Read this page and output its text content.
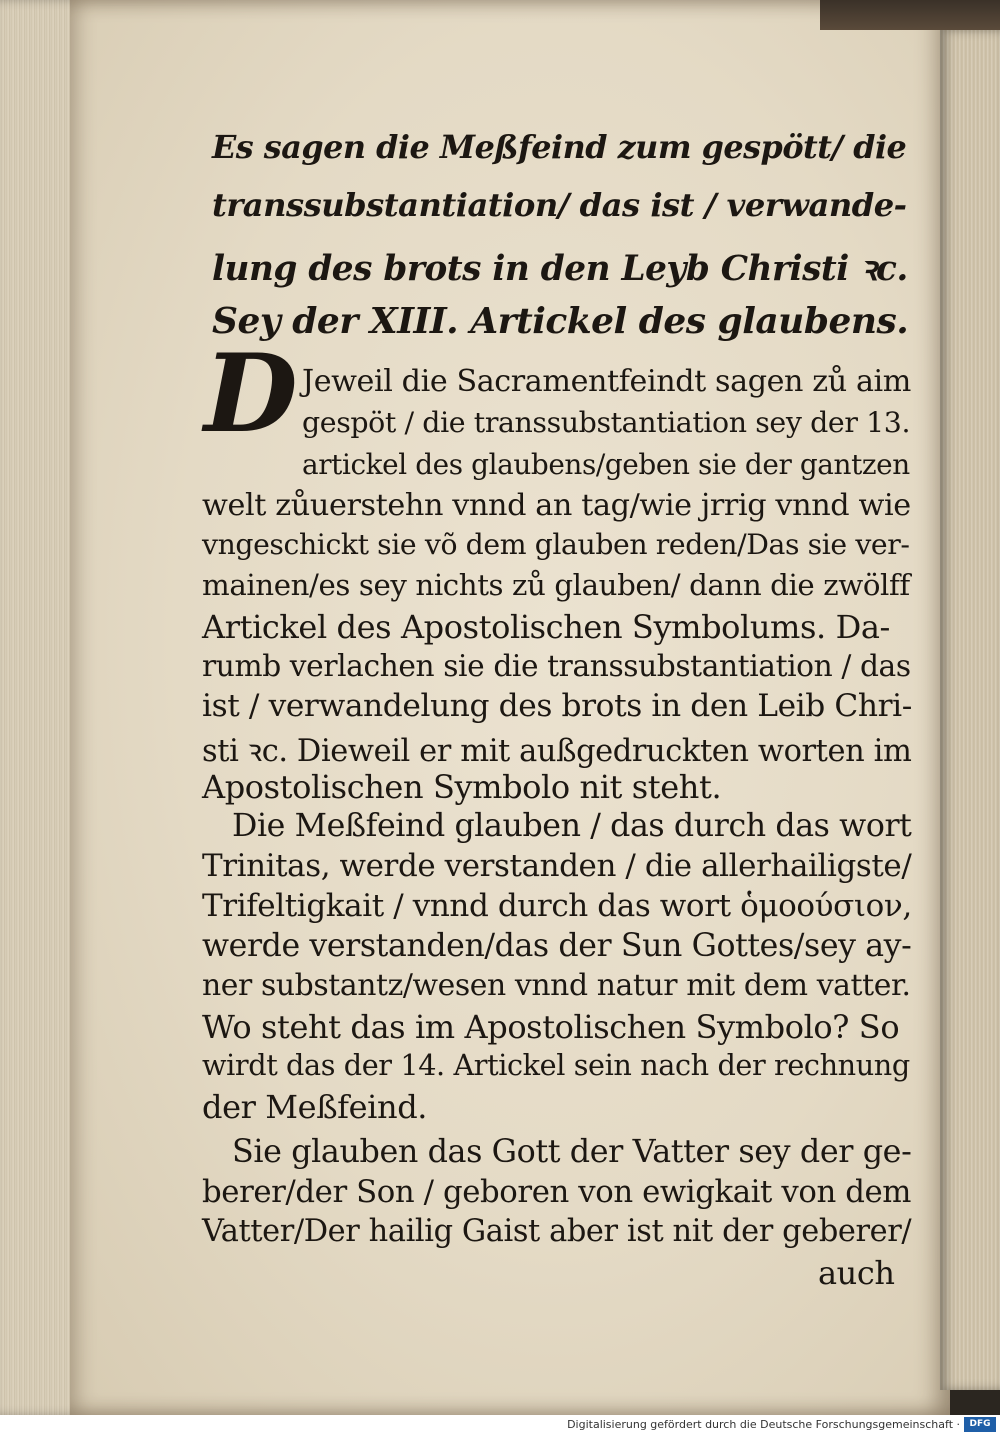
D
Es sagen die Meßfeind zum gespött/ die
transsubstantiation/ das ist / verwande-
lung des brots in den Leyb Christi ꝛc.
Sey der XIII. Artickel des glaubens.
Jeweil die Sacramentfeindt sagen zů aim
gespöt / die transsubstantiation sey der 13.
artickel des glaubens/geben sie der gantzen
welt zůuerstehn vnnd an tag/wie jrrig vnnd wie
vngeschickt sie võ dem glauben reden/Das sie ver-
mainen/es sey nichts zů glauben/ dann die zwölff
Artickel des Apostolischen Symbolums. Da-
rumb verlachen sie die transsubstantiation / das
ist / verwandelung des brots in den Leib Chri-
sti ꝛc. Dieweil er mit außgedruckten worten im
Apostolischen Symbolo nit steht.
Die Meßfeind glauben / das durch das wort
Trinitas, werde verstanden / die allerhailigste/
Trifeltigkait / vnnd durch das wort ὁμοούσιον,
werde verstanden/das der Sun Gottes/sey ay-
ner substantz/wesen vnnd natur mit dem vatter.
Wo steht das im Apostolischen Symbolo? So
wirdt das der 14. Artickel sein nach der rechnung
der Meßfeind.
Sie glauben das Gott der Vatter sey der ge-
berer/der Son / geboren von ewigkait von dem
Vatter/Der hailig Gaist aber ist nit der geberer/
auch
Digitalisierung gefördert durch die Deutsche Forschungsgemeinschaft ·	DFG
